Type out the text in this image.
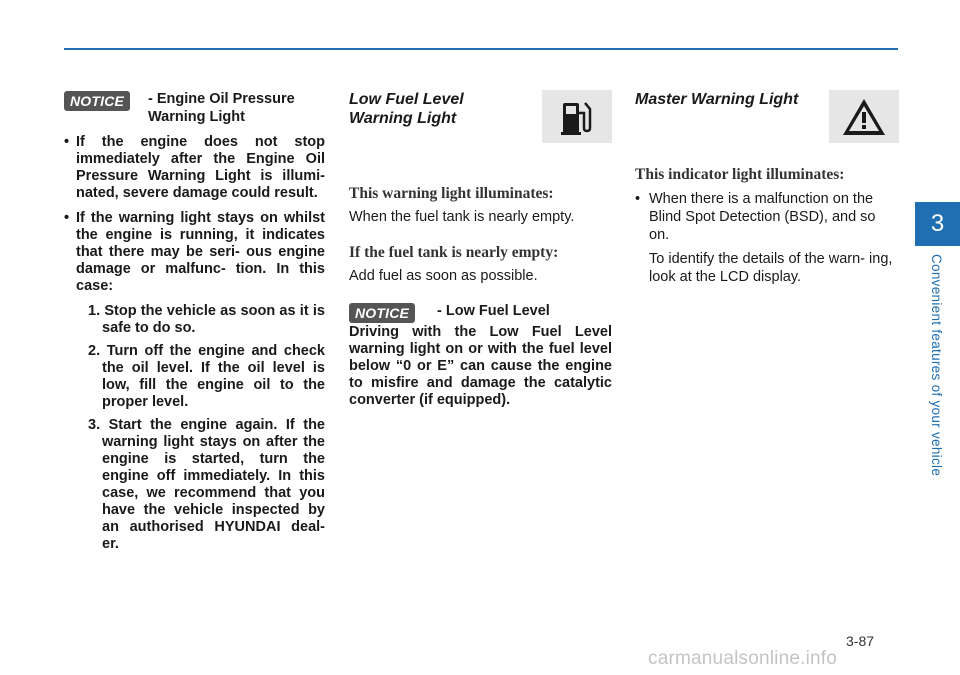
NOTICE	- Engine Oil Pressure Warning Light
• If the engine does not stop immediately after the Engine Oil Pressure Warning Light is illumi- nated, severe damage could result.
• If the warning light stays on whilst the engine is running, it indicates that there may be seri- ous engine damage or malfunc- tion. In this case:
1. Stop the vehicle as soon as it is safe to do so.
2. Turn off the engine and check the oil level. If the oil level is low, fill the engine oil to the proper level.
3. Start the engine again. If the warning light stays on after the engine is started, turn the engine off immediately. In this case, we recommend that you have the vehicle inspected by an authorised HYUNDAI deal- er.
Low Fuel Level Warning Light
This warning light illuminates:

When the fuel tank is nearly empty.

If the fuel tank is nearly empty:

Add fuel as soon as possible.

NOTICE	- Low Fuel Level
Driving with the Low Fuel Level warning light on or with the fuel level below “0 or E” can cause the engine to misfire and damage the catalytic converter (if equipped).
Master Warning Light
This indicator light illuminates:
• When there is a malfunction on the Blind Spot Detection (BSD), and so on.
To identify the details of the warn- ing, look at the LCD display.
3
Convenient features of your vehicle
3-87
carmanualsonline.info
